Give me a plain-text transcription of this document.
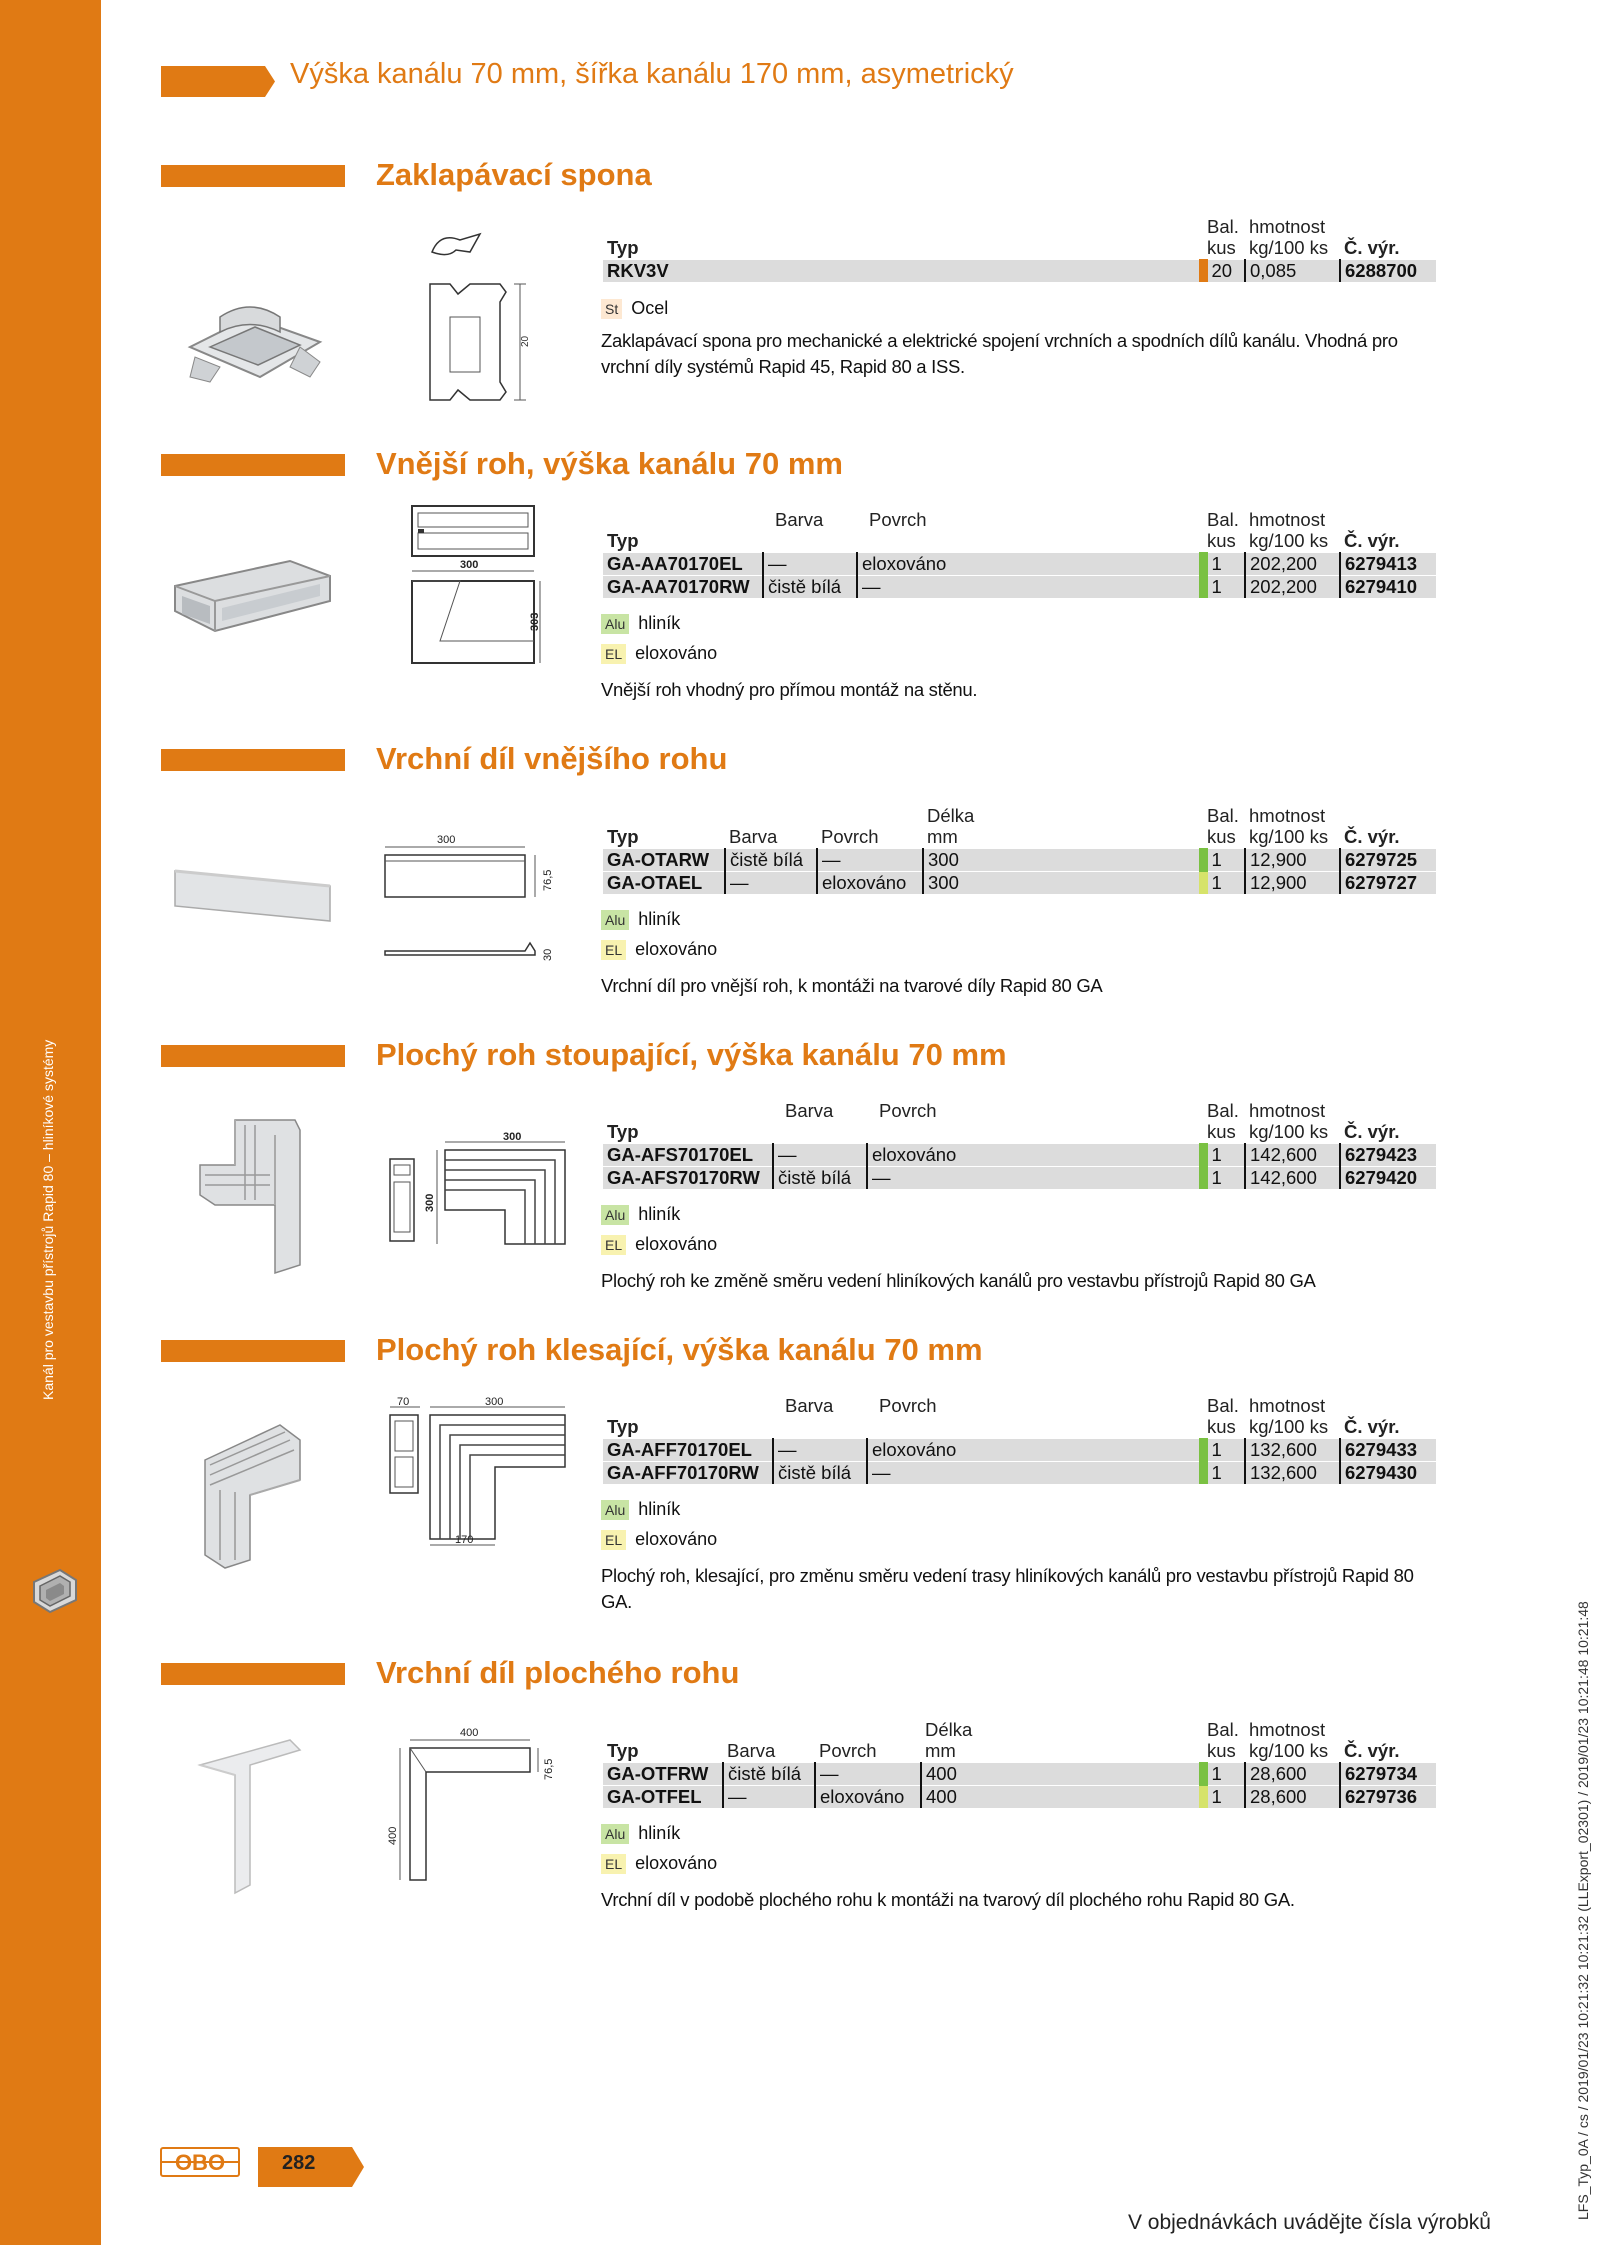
Kanál pro vestavbu přístrojů Rapid 80 – hliníkové systémy
Výška kanálu 70 mm, šířka kanálu 170 mm, asymetrický
Zaklapávací spona
20
	Bal.	hmotnost	
Typ	kus	kg/100 ks	Č. výr.
RKV3V	20	0,085	6288700
St Ocel
Zaklapávací spona pro mechanické a elektrické spojení vrchních a spodních dílů kanálu. Vhodná pro vrchní díly systémů Rapid 45, Rapid 80 a ISS.
Vnější roh, výška kanálu 70 mm
300
303
	Barva	Povrch	Bal.	hmotnost	
Typ			kus	kg/100 ks	Č. výr.
GA-AA70170EL	—	eloxováno	1	202,200	6279413
GA-AA70170RW	čistě bílá	—	1	202,200	6279410
Alu hliník
EL eloxováno
Vnější roh vhodný pro přímou montáž na stěnu.
Vrchní díl vnějšího rohu
300
76,5
30
			Délka	Bal.	hmotnost	
Typ	Barva	Povrch	mm	kus	kg/100 ks	Č. výr.
GA-OTARW	čistě bílá	—	300	1	12,900	6279725
GA-OTAEL	—	eloxováno	300	1	12,900	6279727
Alu hliník
EL eloxováno
Vrchní díl pro vnější roh, k montáži na tvarové díly Rapid 80 GA
Plochý roh stoupající, výška kanálu 70 mm
300
300
	Barva	Povrch	Bal.	hmotnost	
Typ			kus	kg/100 ks	Č. výr.
GA-AFS70170EL	—	eloxováno	1	142,600	6279423
GA-AFS70170RW	čistě bílá	—	1	142,600	6279420
Alu hliník
EL eloxováno
Plochý roh ke změně směru vedení hliníkových kanálů pro vestavbu přístrojů Rapid 80 GA
Plochý roh klesající, výška kanálu 70 mm
70	300
170
	Barva	Povrch	Bal.	hmotnost	
Typ			kus	kg/100 ks	Č. výr.
GA-AFF70170EL	—	eloxováno	1	132,600	6279433
GA-AFF70170RW	čistě bílá	—	1	132,600	6279430
Alu hliník
EL eloxováno
Plochý roh, klesající, pro změnu směru vedení trasy hliníkových kanálů pro vestavbu přístrojů Rapid 80 GA.
Vrchní díl plochého rohu
400
76,5
400
			Délka	Bal.	hmotnost	
Typ	Barva	Povrch	mm	kus	kg/100 ks	Č. výr.
GA-OTFRW	čistě bílá	—	400	1	28,600	6279734
GA-OTFEL	—	eloxováno	400	1	28,600	6279736
Alu hliník
EL eloxováno
Vrchní díl v podobě plochého rohu k montáži na tvarový díl plochého rohu Rapid 80 GA.
OBO	282
V objednávkách uvádějte čísla výrobků
LFS_Typ_0A / cs / 2019/01/23 10:21:32 10:21:32 (LLExport_02301) / 2019/01/23 10:21:48 10:21:48
